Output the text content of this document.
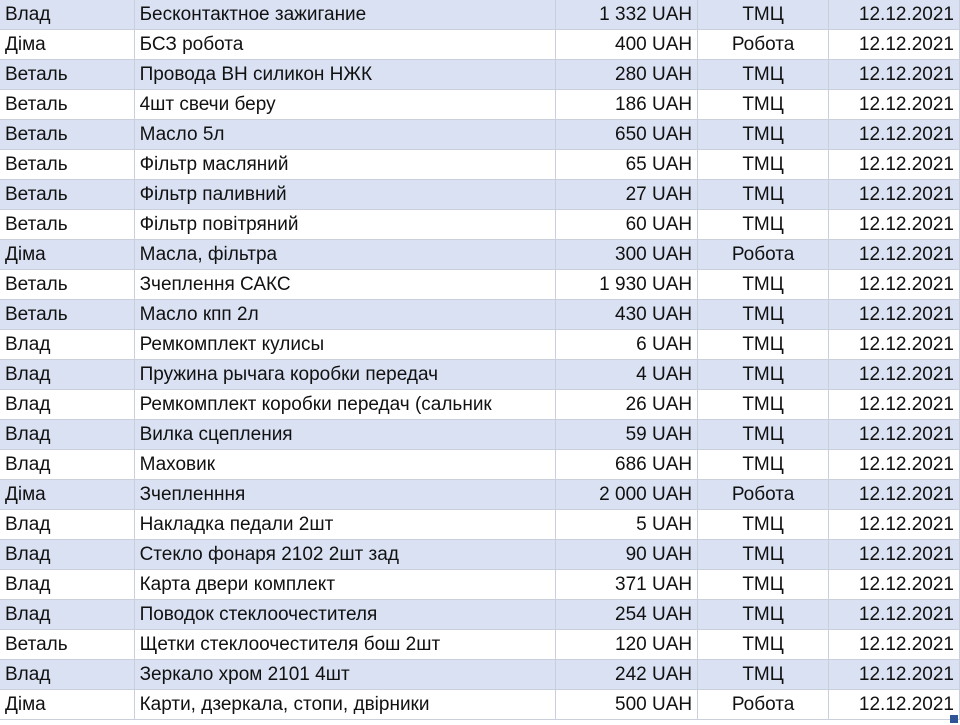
Влад	Бесконтактное зажигание	1 332 UAH	ТМЦ	12.12.2021
Діма	БСЗ робота	400 UAH	Робота	12.12.2021
Веталь	Провода ВН силикон НЖК	280 UAH	ТМЦ	12.12.2021
Веталь	4шт свечи беру	186 UAH	ТМЦ	12.12.2021
Веталь	Масло 5л	650 UAH	ТМЦ	12.12.2021
Веталь	Фільтр масляний	65 UAH	ТМЦ	12.12.2021
Веталь	Фільтр паливний	27 UAH	ТМЦ	12.12.2021
Веталь	Фільтр повітряний	60 UAH	ТМЦ	12.12.2021
Діма	Масла, фільтра	300 UAH	Робота	12.12.2021
Веталь	Зчеплення САКС	1 930 UAH	ТМЦ	12.12.2021
Веталь	Масло кпп 2л	430 UAH	ТМЦ	12.12.2021
Влад	Ремкомплект кулисы	6 UAH	ТМЦ	12.12.2021
Влад	Пружина рычага коробки передач	4 UAH	ТМЦ	12.12.2021
Влад	Ремкомплект коробки передач (сальник	26 UAH	ТМЦ	12.12.2021
Влад	Вилка сцепления	59 UAH	ТМЦ	12.12.2021
Влад	Маховик	686 UAH	ТМЦ	12.12.2021
Діма	Зчепленння	2 000 UAH	Робота	12.12.2021
Влад	Накладка педали 2шт	5 UAH	ТМЦ	12.12.2021
Влад	Стекло фонаря 2102 2шт зад	90 UAH	ТМЦ	12.12.2021
Влад	Карта двери комплект	371 UAH	ТМЦ	12.12.2021
Влад	Поводок стеклоочестителя	254 UAH	ТМЦ	12.12.2021
Веталь	Щетки стеклоочестителя бош 2шт	120 UAH	ТМЦ	12.12.2021
Влад	Зеркало хром 2101 4шт	242 UAH	ТМЦ	12.12.2021
Діма	Карти, дзеркала, стопи, двірники	500 UAH	Робота	12.12.2021
